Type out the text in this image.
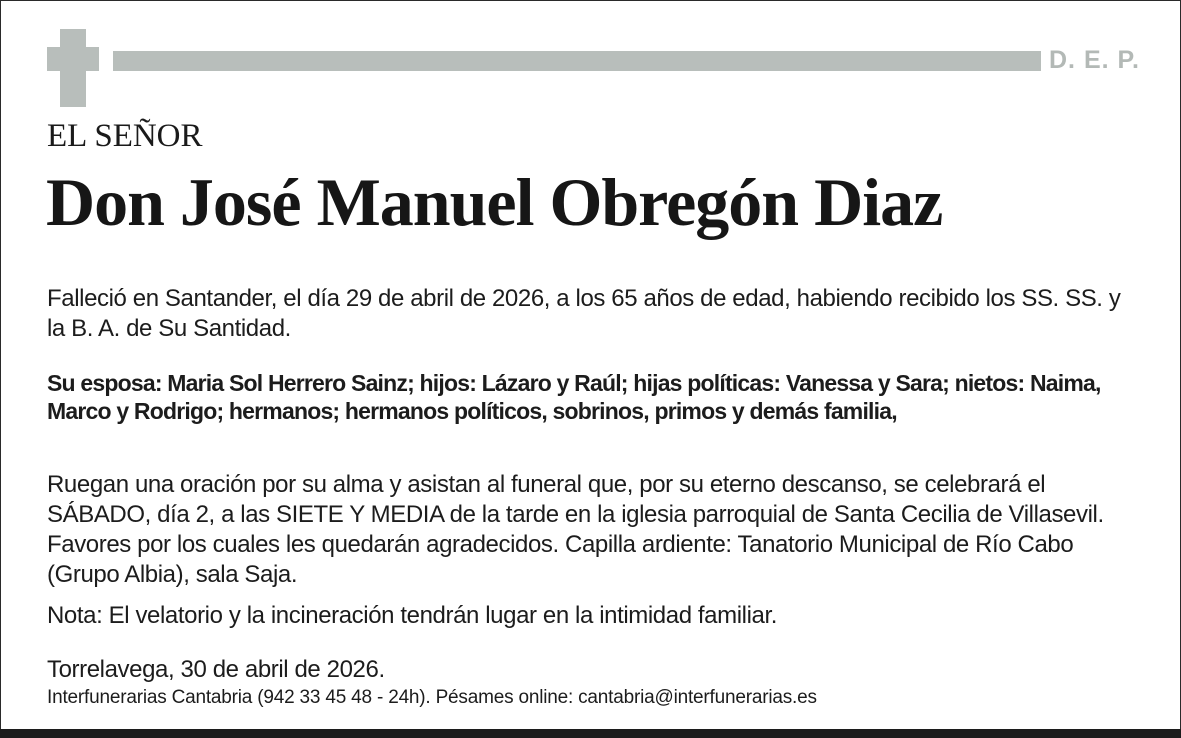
D. E. P.
EL SEÑOR
Don José Manuel Obregón Diaz

Falleció en Santander, el día 29 de abril de 2026, a los 65 años de edad, habiendo recibido los SS. SS. y la B. A. de Su Santidad.

Su esposa: Maria Sol Herrero Sainz; hijos: Lázaro y Raúl; hijas políticas: Vanessa y Sara; nietos: Naima, Marco y Rodrigo; hermanos; hermanos políticos, sobrinos, primos y demás familia,

Ruegan una oración por su alma y asistan al funeral que, por su eterno descanso, se celebrará el SÁBADO, día 2, a las SIETE Y MEDIA de la tarde en la iglesia parroquial de Santa Cecilia de Villasevil. Favores por los cuales les quedarán agradecidos. Capilla ardiente: Tanatorio Municipal de Río Cabo (Grupo Albia), sala Saja.

Nota: El velatorio y la incineración tendrán lugar en la intimidad familiar.

Torrelavega, 30 de abril de 2026.

Interfunerarias Cantabria (942 33 45 48 - 24h). Pésames online: cantabria@interfunerarias.es
